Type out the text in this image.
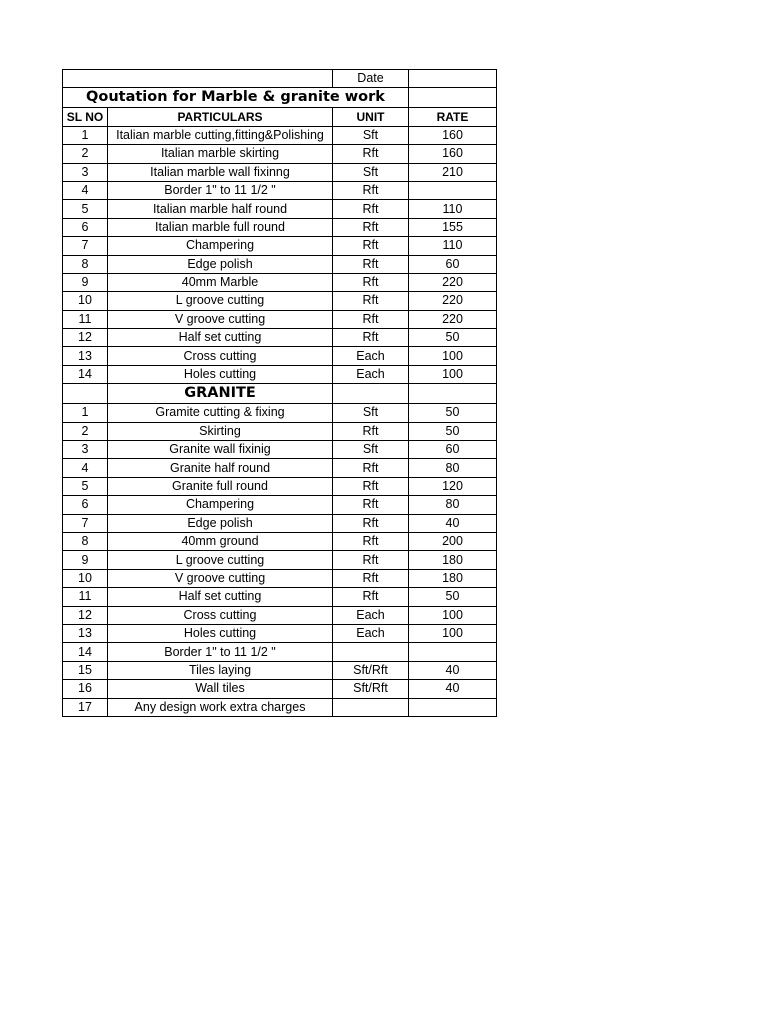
		Date	
Qoutation for Marble & granite work			
SL NO	PARTICULARS	UNIT	RATE
1	Italian marble cutting,fitting&Polishing	Sft	160
2	Italian marble skirting	Rft	160
3	Italian marble wall fixinng	Sft	210
4	Border 1" to 11 1/2 "	Rft	
5	Italian marble half round	Rft	110
6	Italian marble full round	Rft	155
7	Champering	Rft	110
8	Edge polish	Rft	60
9	40mm Marble	Rft	220
10	L groove cutting	Rft	220
11	V groove cutting	Rft	220
12	Half set cutting	Rft	50
13	Cross cutting	Each	100
14	Holes cutting	Each	100
	GRANITE		
1	Gramite cutting & fixing	Sft	50
2	Skirting	Rft	50
3	Granite wall fixinig	Sft	60
4	Granite half round	Rft	80
5	Granite full round	Rft	120
6	Champering	Rft	80
7	Edge polish	Rft	40
8	40mm ground	Rft	200
9	L groove cutting	Rft	180
10	V groove cutting	Rft	180
11	Half set cutting	Rft	50
12	Cross cutting	Each	100
13	Holes cutting	Each	100
14	Border 1" to 11 1/2 "		
15	Tiles laying	Sft/Rft	40
16	Wall tiles	Sft/Rft	40
17	Any design work extra charges		
